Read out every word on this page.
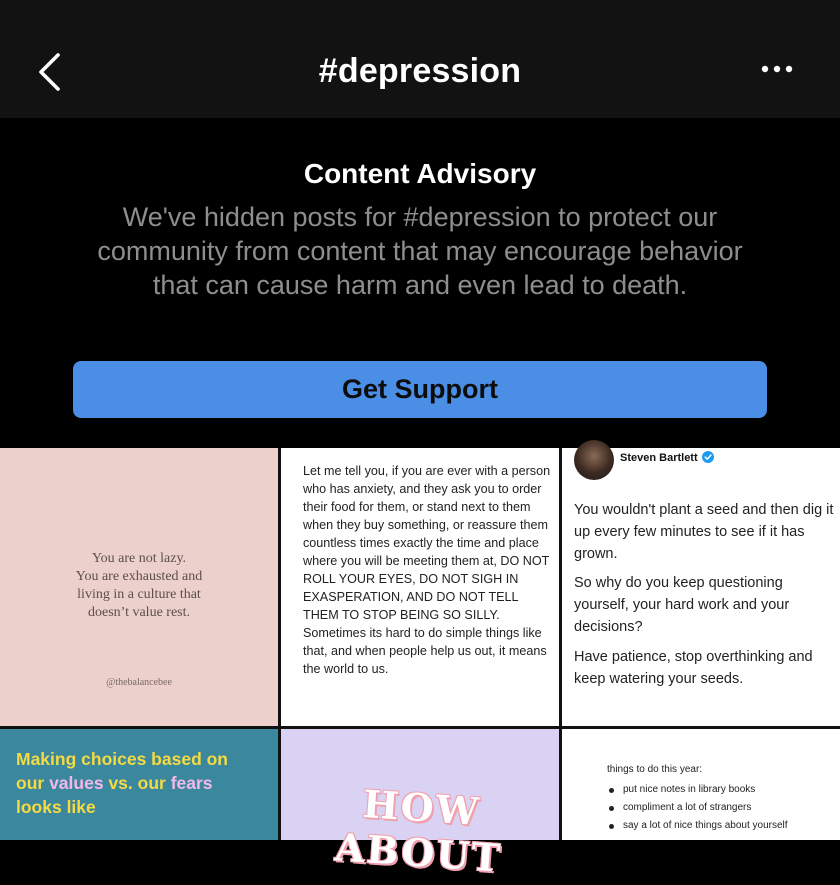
#depression
Content Advisory
We've hidden posts for #depression to protect our community from content that may encourage behavior that can cause harm and even lead to death.
Get Support
You are not lazy.
You are exhausted and
living in a culture that
doesn’t value rest.
@thebalancebee
Let me tell you, if you are ever with a person who has anxiety, and they ask you to order their food for them, or stand next to them when they buy something, or reassure them countless times exactly the time and place where you will be meeting them at, DO NOT ROLL YOUR EYES, DO NOT SIGH IN EXASPERATION, AND DO NOT TELL THEM TO STOP BEING SO SILLY. Sometimes its hard to do simple things like that, and when people help us out, it means the world to us.
Steven Bartlett
You wouldn't plant a seed and then dig it up every few minutes to see if it has grown.
So why do you keep questioning yourself, your hard work and your decisions?
Have patience, stop overthinking and keep watering your seeds.
Making choices based on
our values vs. our fears
looks like	HOW ABOUT
things to do this year:
put nice notes in library books
compliment a lot of strangers
say a lot of nice things about yourself
